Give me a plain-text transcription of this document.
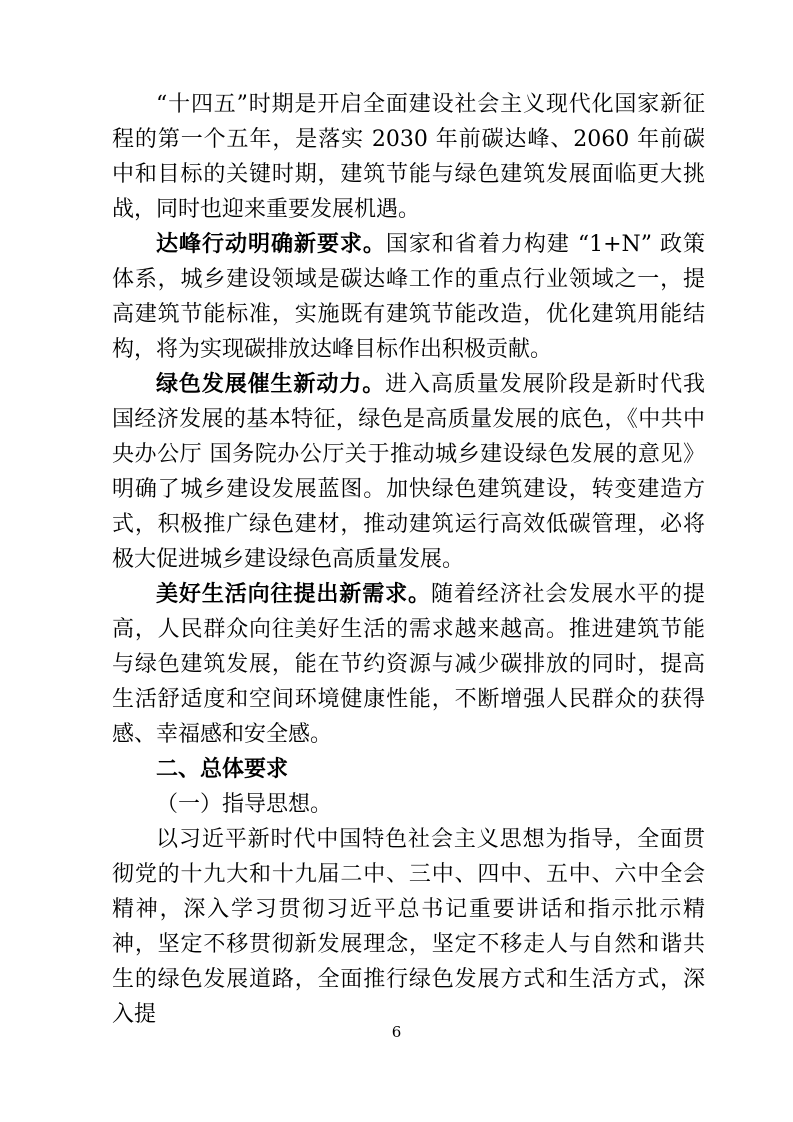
“十四五”时期是开启全面建设社会主义现代化国家新征程的第一个五年，是落实 2030 年前碳达峰、2060 年前碳中和目标的关键时期，建筑节能与绿色建筑发展面临更大挑战，同时也迎来重要发展机遇。

达峰行动明确新要求。国家和省着力构建 “1+N” 政策体系，城乡建设领域是碳达峰工作的重点行业领域之一，提高建筑节能标准，实施既有建筑节能改造，优化建筑用能结构，将为实现碳排放达峰目标作出积极贡献。

绿色发展催生新动力。进入高质量发展阶段是新时代我国经济发展的基本特征，绿色是高质量发展的底色，《中共中央办公厅 国务院办公厅关于推动城乡建设绿色发展的意见》明确了城乡建设发展蓝图。加快绿色建筑建设，转变建造方式，积极推广绿色建材，推动建筑运行高效低碳管理，必将极大促进城乡建设绿色高质量发展。

美好生活向往提出新需求。随着经济社会发展水平的提高，人民群众向往美好生活的需求越来越高。推进建筑节能与绿色建筑发展，能在节约资源与减少碳排放的同时，提高生活舒适度和空间环境健康性能，不断增强人民群众的获得感、幸福感和安全感。

二、总体要求

（一）指导思想。

以习近平新时代中国特色社会主义思想为指导，全面贯彻党的十九大和十九届二中、三中、四中、五中、六中全会精神，深入学习贯彻习近平总书记重要讲话和指示批示精神，坚定不移贯彻新发展理念，坚定不移走人与自然和谐共生的绿色发展道路，全面推行绿色发展方式和生活方式，深入提

6
